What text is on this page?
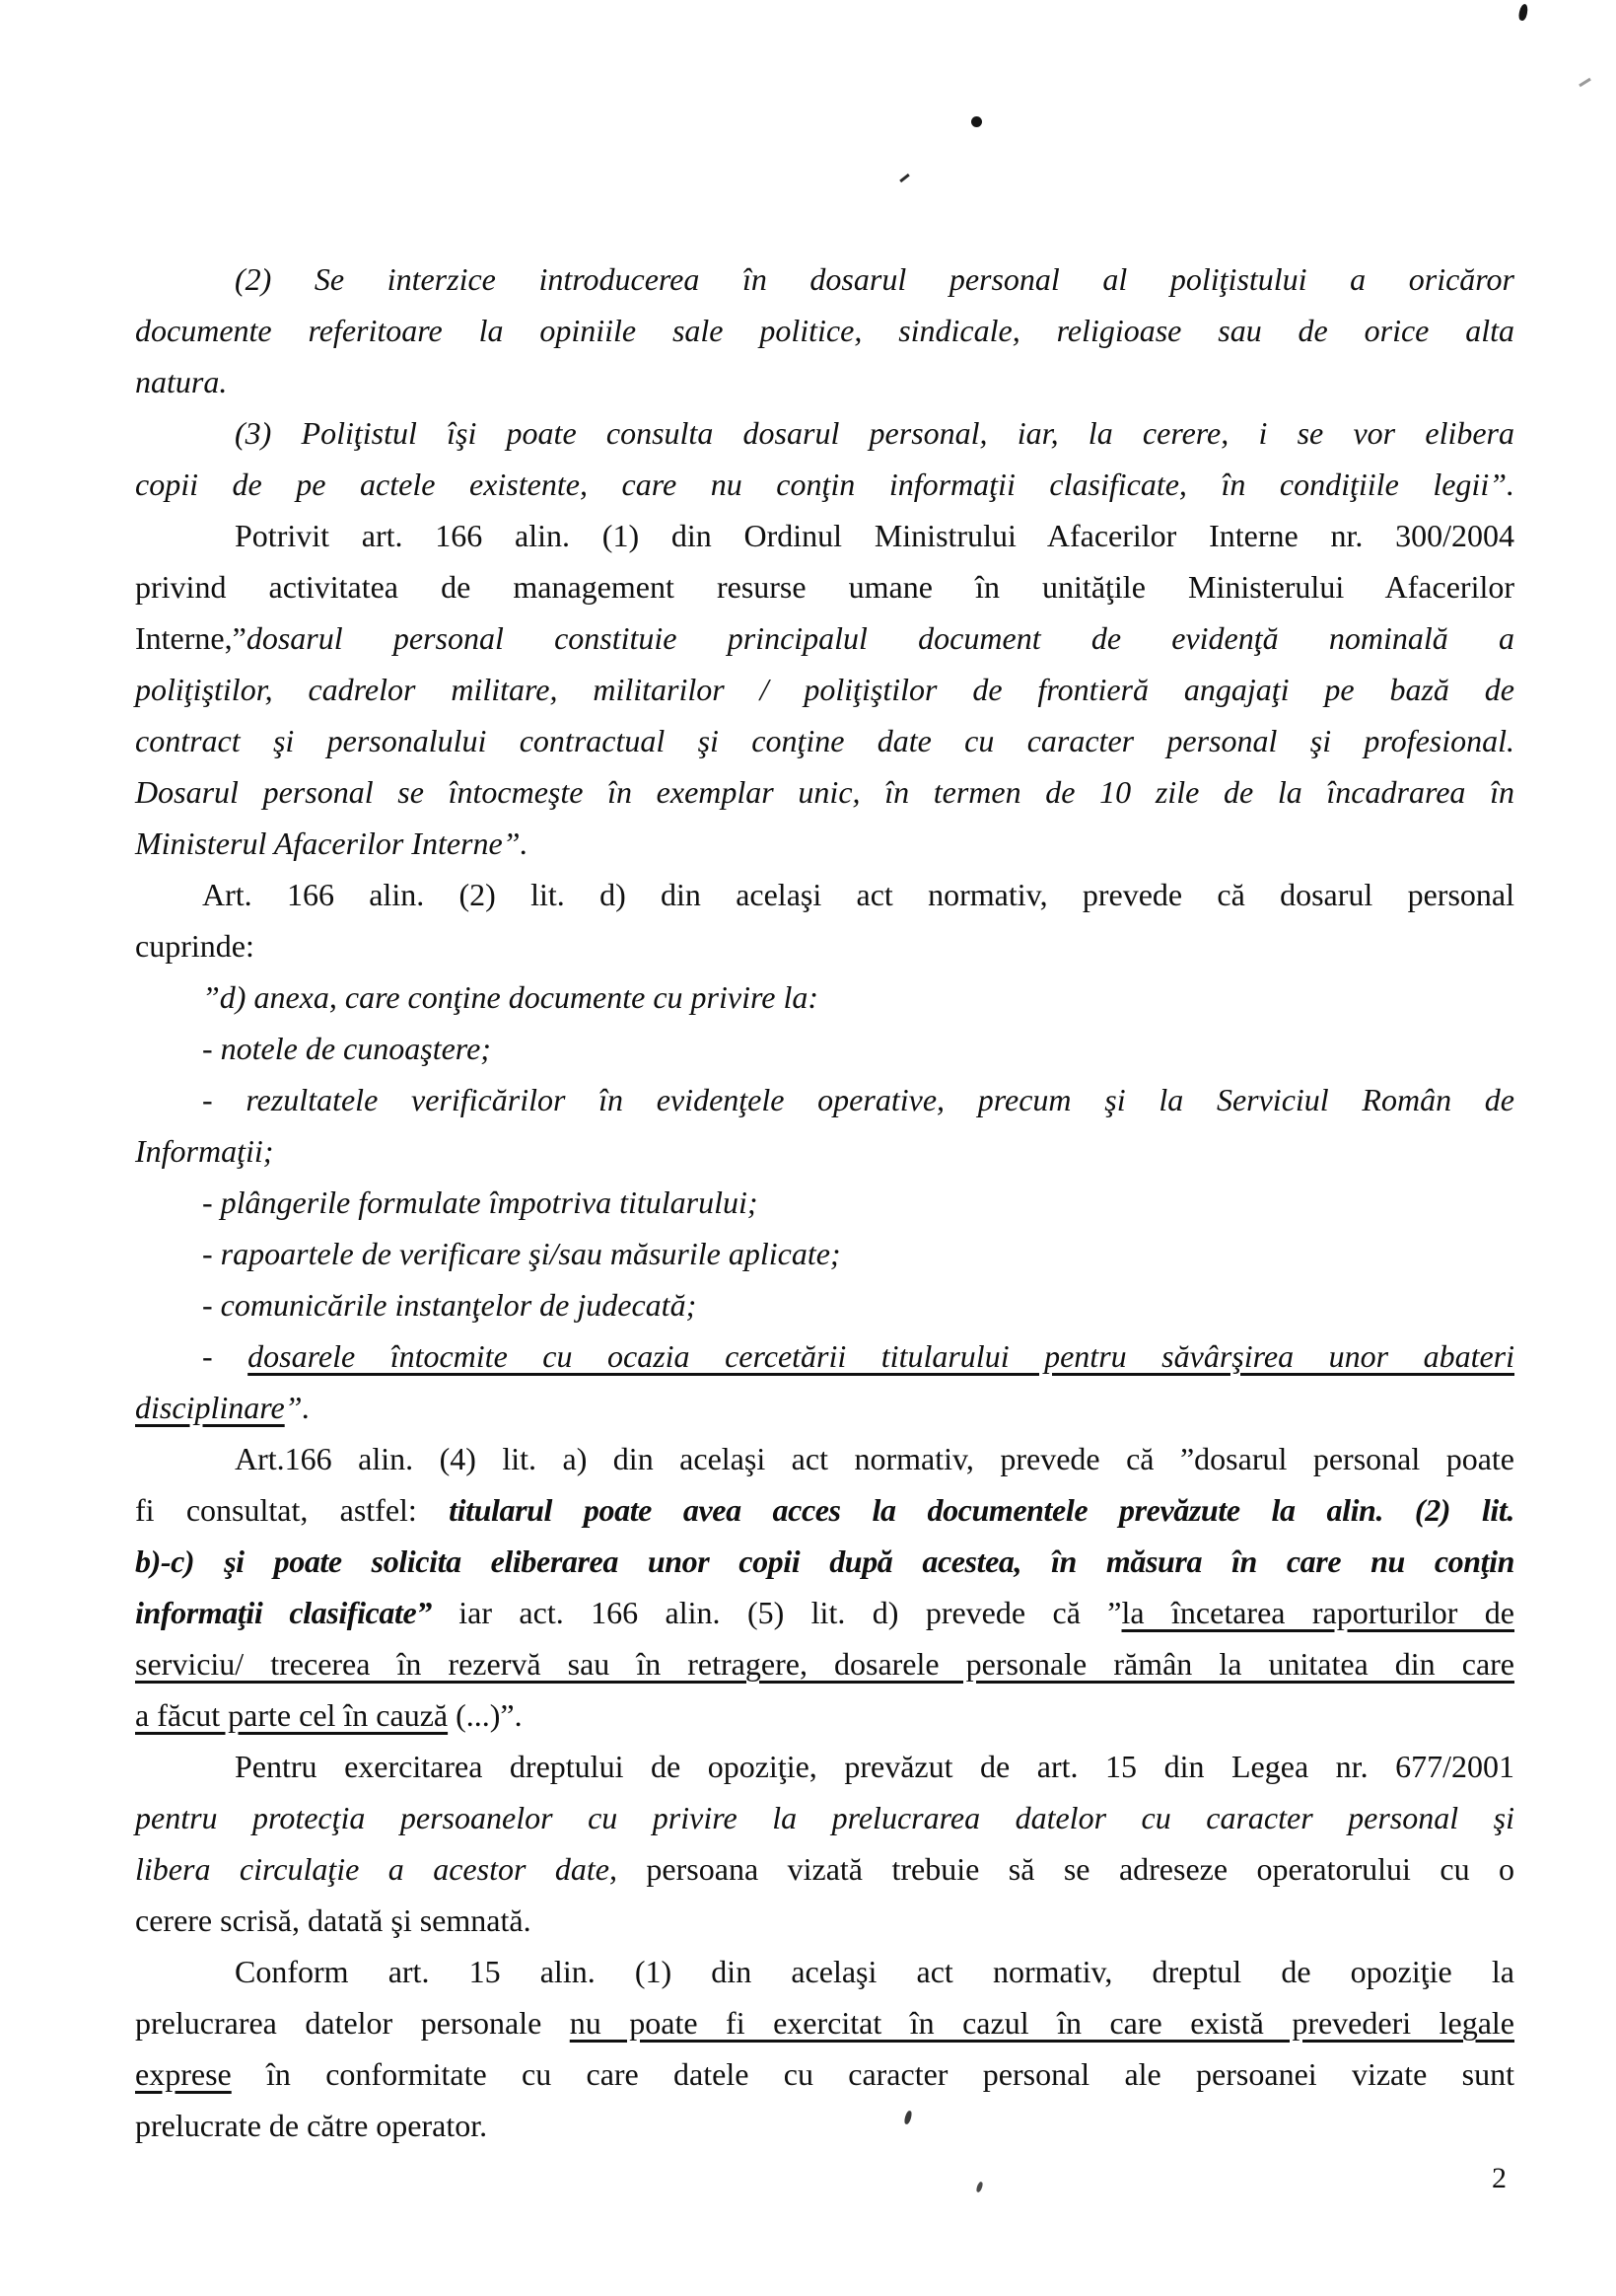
(2) Se interzice introducerea în dosarul personal al poliţistului a oricăror
documente referitoare la opiniile sale politice, sindicale, religioase sau de orice alta
natura.
(3) Poliţistul îşi poate consulta dosarul personal, iar, la cerere, i se vor elibera
copii de pe actele existente, care nu conţin informaţii clasificate, în condiţiile legii”.
Potrivit art. 166 alin. (1) din Ordinul Ministrului Afacerilor Interne nr. 300/2004
privind activitatea de management resurse umane în unităţile Ministerului Afacerilor
Interne,”dosarul personal constituie principalul document de evidenţă nominală a
poliţiştilor, cadrelor militare, militarilor / poliţiştilor de frontieră angajaţi pe bază de
contract şi personalului contractual şi conţine date cu caracter personal şi profesional.
Dosarul personal se întocmeşte în exemplar unic, în termen de 10 zile de la încadrarea în
Ministerul Afacerilor Interne”.
Art. 166 alin. (2) lit. d) din acelaşi act normativ, prevede că dosarul personal
cuprinde:
”d) anexa, care conţine documente cu privire la:
- notele de cunoaştere;
- rezultatele verificărilor în evidenţele operative, precum şi la Serviciul Român de
Informaţii;
- plângerile formulate împotriva titularului;
- rapoartele de verificare şi/sau măsurile aplicate;
- comunicările instanţelor de judecată;
- dosarele întocmite cu ocazia cercetării titularului pentru săvârşirea unor abateri
disciplinare”.
Art.166 alin. (4) lit. a) din acelaşi act normativ, prevede că ”dosarul personal poate
fi consultat, astfel: titularul poate avea acces la documentele prevăzute la alin. (2) lit.
b)-c) şi poate solicita eliberarea unor copii după acestea, în măsura în care nu conţin
informaţii clasificate” iar act. 166 alin. (5) lit. d) prevede că ”la încetarea raporturilor de
serviciu/ trecerea în rezervă sau în retragere, dosarele personale rămân la unitatea din care
a făcut parte cel în cauză (...)”.
Pentru exercitarea dreptului de opoziţie, prevăzut de art. 15 din Legea nr. 677/2001
pentru protecţia persoanelor cu privire la prelucrarea datelor cu caracter personal şi
libera circulaţie a acestor date, persoana vizată trebuie să se adreseze operatorului cu o
cerere scrisă, datată şi semnată.
Conform art. 15 alin. (1) din acelaşi act normativ, dreptul de opoziţie la
prelucrarea datelor personale nu poate fi exercitat în cazul în care există prevederi legale
exprese în conformitate cu care datele cu caracter personal ale persoanei vizate sunt
prelucrate de către operator.
2
